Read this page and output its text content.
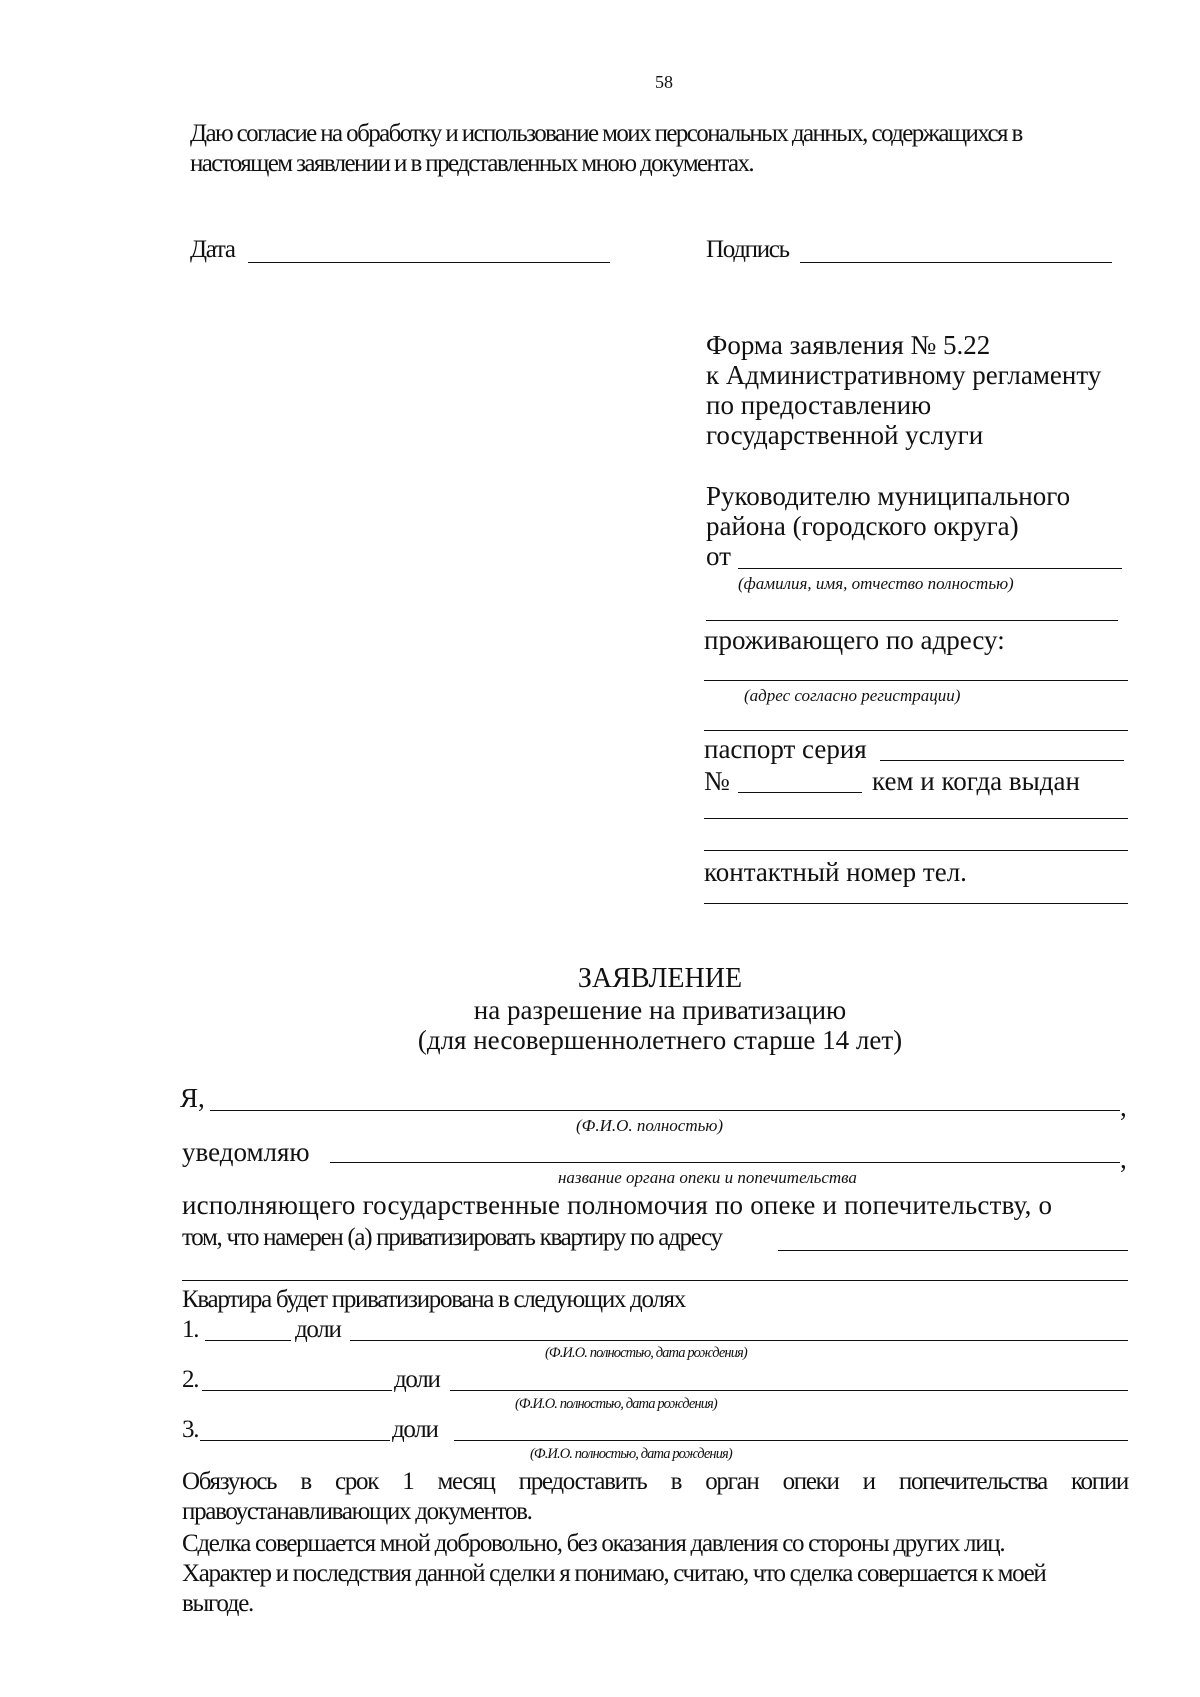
58
Даю согласие на обработку и использование моих персональных данных, содержащихся в
настоящем заявлении и в представленных мною документах.
Дата	Подпись
Форма заявления № 5.22
к Административному регламенту
по предоставлению
государственной услуги
Руководителю муниципального
района (городского округа)
от
(фамилия, имя, отчество полностью)
проживающего по адресу:
(адрес согласно регистрации)
паспорт серия
№	кем и когда выдан
контактный номер тел.
ЗАЯВЛЕНИЕ
на разрешение на приватизацию
(для несовершеннолетнего старше 14 лет)
Я,	,
(Ф.И.О. полностью)
уведомляю	,
название органа опеки и попечительства
исполняющего государственные полномочия по опеке и попечительству, о
том, что намерен (а) приватизировать квартиру по адресу
Квартира будет приватизирована в следующих долях
1.	доли
(Ф.И.О. полностью, дата рождения)
2.	доли
(Ф.И.О. полностью, дата рождения)
3.	доли
(Ф.И.О. полностью, дата рождения)
Обязуюсь в срок 1 месяц предоставить в орган опеки и попечительства копии
правоустанавливающих документов.
Сделка совершается мной добровольно, без оказания давления со стороны других лиц.
Характер и последствия данной сделки я понимаю, считаю, что сделка совершается к моей
выгоде.
